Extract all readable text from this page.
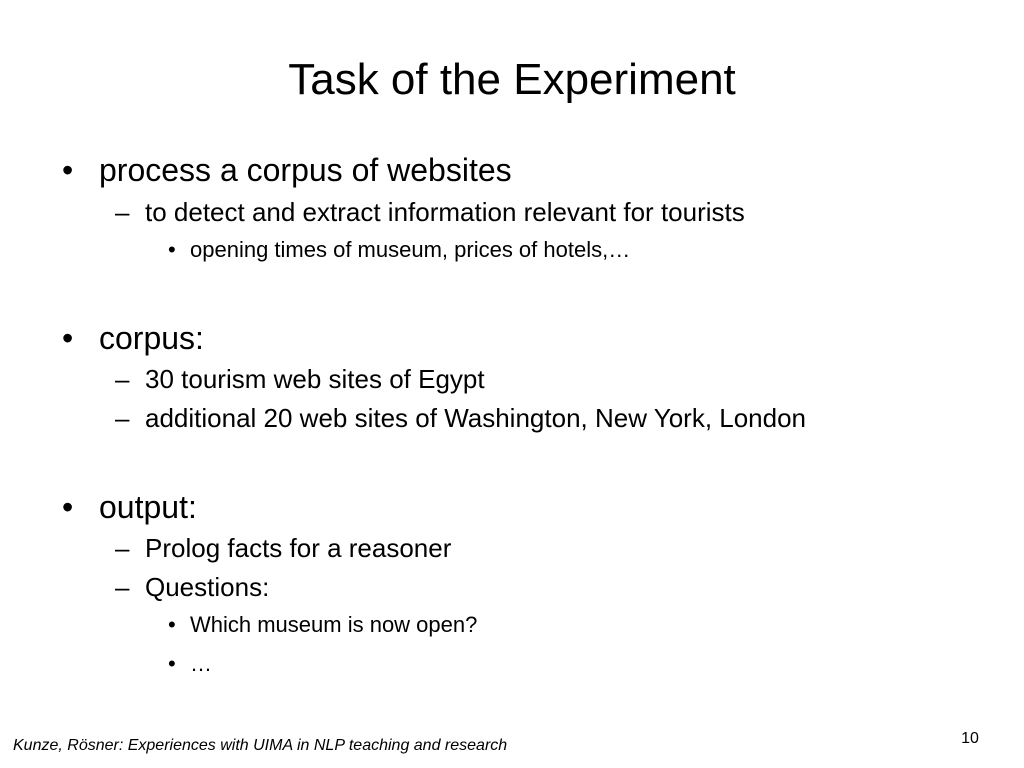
Task of the Experiment
• process a corpus of websites
– to detect and extract information relevant for tourists
• opening times of museum, prices of hotels,…
• corpus:
– 30 tourism web sites of Egypt
– additional 20 web sites of Washington, New York, London
• output:
– Prolog facts for a reasoner
– Questions:
• Which museum is now open?
• …
Kunze, Rösner: Experiences with UIMA in NLP teaching and research	10
